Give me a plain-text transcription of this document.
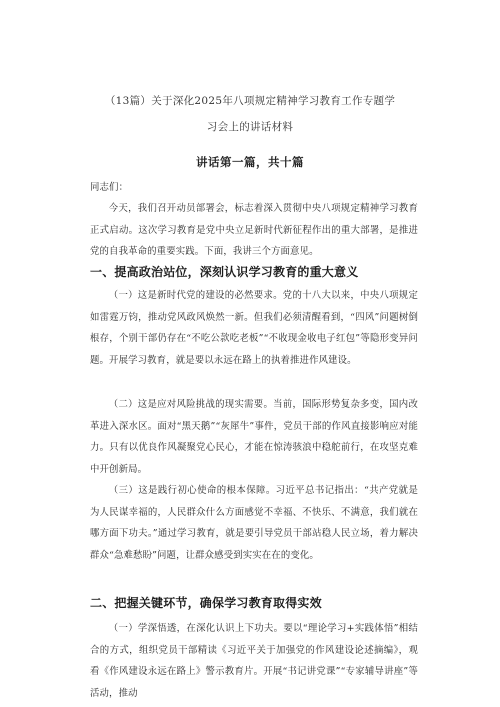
（13篇）关于深化2025年八项规定精神学习教育工作专题学
习会上的讲话材料
讲话第一篇，共十篇
同志们：
今天，我们召开动员部署会，标志着深入贯彻中央八项规定精神学习教育正式启动。这次学习教育是党中央立足新时代新征程作出的重大部署，是推进党的自我革命的重要实践。下面，我讲三个方面意见。
一、提高政治站位，深刻认识学习教育的重大意义
（一）这是新时代党的建设的必然要求。党的十八大以来，中央八项规定如雷霆万钧，推动党风政风焕然一新。但我们必须清醒看到，“四风”问题树倒根存，个别干部仍存在“不吃公款吃老板”“不收现金收电子红包”等隐形变异问题。开展学习教育，就是要以永远在路上的执着推进作风建设。
（二）这是应对风险挑战的现实需要。当前，国际形势复杂多变，国内改革进入深水区。面对“黑天鹅”“灰犀牛”事件，党员干部的作风直接影响应对能力。只有以优良作风凝聚党心民心，才能在惊涛骇浪中稳舵前行，在攻坚克难中开创新局。
（三）这是践行初心使命的根本保障。习近平总书记指出：“共产党就是为人民谋幸福的，人民群众什么方面感觉不幸福、不快乐、不满意，我们就在哪方面下功夫。”通过学习教育，就是要引导党员干部站稳人民立场，着力解决群众“急难愁盼”问题，让群众感受到实实在在的变化。
二、把握关键环节，确保学习教育取得实效
（一）学深悟透，在深化认识上下功夫。要以“理论学习+实践体悟”相结合的方式，组织党员干部精读《习近平关于加强党的作风建设论述摘编》，观看《作风建设永远在路上》警示教育片。开展“书记讲党课”“专家辅导讲座”等活动，推动
